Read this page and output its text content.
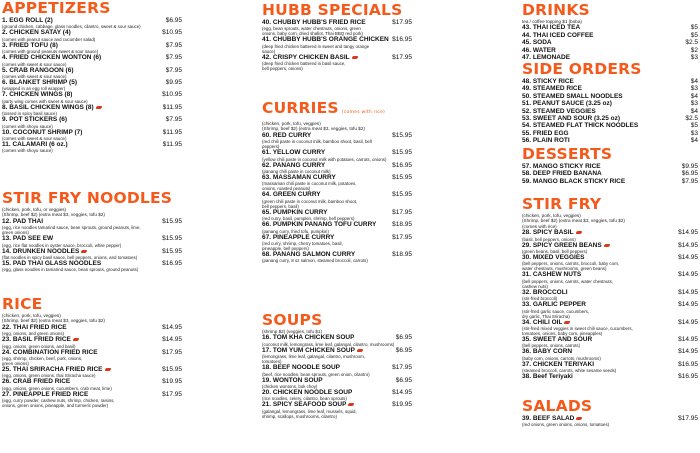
APPETIZERS
1. EGG ROLL (2)	$6.95
(ground chicken, cabbage, glass noodles, cilantro, sweet & sour sauce)
2. CHICKEN SATAY (4)	$10.95
(comes with peanut sauce and cucumber salad)
3. FRIED TOFU (8)	$7.95
(comes with ground peanuts sweet & sour sauce)
4. FRIED CHICKEN WONTON (6)	$7.95
(comes with sweet & sour sauce)
5. CRAB RANGOON (6)	$7.95
(comes with sweet & sour sauce)
6. BLANKET SHRIMP (5)	$9.95
(wrapped in an egg roll wrapper)
7. CHICKEN WINGS (8)	$10.95
(party wing comes with sweet & sour sauce)
8. BASIL CHICKEN WINGS (8)	$11.95
(tossed in spicy basil sauce)
9. POT STICKERS (6)	$7.95
(comes with shoyu sauce)
10. COCONUT SHRIMP (7)	$11.95
(comes with sweet & sour sauce)
11. CALAMARI (6 oz.)	$11.95
(comes with shoyu sauce)
STIR FRY NOODLES
(chicken, pork, tofu, or veggies)
(Shrimp, beef $2) (extra meat $3, veggies, tofu $2)
12. PAD THAI	$15.95
(egg, rice noodles tamarind sauce, bean sprouts, ground peanuts, lime,
green onions)
13. PAD SEE EW	$15.95
(egg, rice flat noodles in oyster sauce, broccoli, white pepper)
14. DRUNKEN NOODLES	$15.95
(flat noodles in spicy basil sauce, bell peppers, onions, and tomatoes)
15. PAD THAI GLASS NOODLES	$16.95
(egg, glass noodles in tamarind sauce, bean sprouts, ground peanuts)
RICE
(chicken, pork, tofu, veggies)
(Shrimp, beef $2) (extra meat $3, veggies, tofu $2)
22. THAI FRIED RICE	$14.95
(egg, onions, and green onions)
23. BASIL FRIED RICE	$14.95
(egg, onions, green onions, and basil)
24. COMBINATION FRIED RICE	$17.95
(egg, shrimp, chicken, beef, pork, onions,
green onions)
25. THAI SRIRACHA FRIED RICE	$15.95
(egg, onions, green onions, thai Sriracha sauce)
26. CRAB FRIED RICE	$19.95
(egg, onions, green onions, cucumbers, crab meat, lime)
27. PINEAPPLE FRIED RICE	$17.95
(egg, curry powder, cashew nuts, shrimp, chicken, raisins,
onions, green onions, pineapple, and turmeric powder)
HUBB SPECIALS
40. CHUBBY HUBB'S FRIED RICE	$17.95
(egg, bean sprouts, water chestnuts, onions, green
onions, baby corn, dried shallot, Thai BBQ red pork)
41. CHUBBY HUBB'S ORANGE CHICKEN $16.95
(deep fried chicken battered in sweet and tangy orange
sauce)
42. CRISPY CHICKEN BASIL	$17.95
(deep fried chicken battered in basil sauce,
bell peppers, onions)
CURRIES (comes with rice)
(chicken, pork, tofu, veggies)
(Shrimp, beef $2) (extra meat $3, veggies, tofu $2)
60. RED CURRY	$15.95
(red chili paste in coconut milk, bamboo shoot, basil, bell
peppers)
61. YELLOW CURRY	$15.95
(yellow chili paste in coconut milk with potatoes, carrots, onions)
62. PANANG CURRY	$16.95
(panang chili paste in coconut milk)
63. MASSAMAN CURRY	$15.95
(massaman chili paste in coconut milk, potatoes,
onions, roasted peanuts)
64. GREEN CURRY	$15.95
(green chili paste in coconut milk, bamboo shoot,
bell peppers, basil)
65. PUMPKIN CURRY	$17.95
(red curry, basil, pumpkin, shrimp, bell peppers)
66. PUMPKIN PANANG TOFU CURRY $18.95
(panang curry, fried tofu, pumpkin)
67. PINEAPPLE CURRY	$17.95
(red curry, shrimp, cherry tomatoes, basil,
pineapple, bell peppers)
68. PANANG SALMON CURRY	$18.95
(panang curry, 8 oz salmon, steamed broccoli, carrots)
SOUPS
(shrimp $2) (veggies, tofu $1)
16. TOM KHA CHICKEN SOUP	$6.95
(coconut milk, lemongrass, lime leaf, galangal, cilantro, mushrooms)
17. TOM YUM CHICKEN SOUP	$6.95
(lemongrass, lime leaf, galangal, cilantro, mushroom,
tomatoes)
18. BEEF NOODLE SOUP	$17.95
(beef, rice noodles, bean sprouts, green onion, cilantro)
19. WONTON SOUP	$6.95
(chicken wontons, bok choy)
20. CHICKEN NOODLE SOUP	$14.95
(rice noodles, celery, cilantro, bean sprouts)
21. SPICY SEAFOOD SOUP	$19.95
(galangal, lemongrass, lime leaf, mussels, squid,
shrimp, scallops, mushrooms, cilantro)
DRINKS
tea / coffee topping $1 (boba)
43. THAI ICED TEA	$5
44. THAI ICED COFFEE	$5
45. SODA	$2.5
46. WATER	$2
47. LEMONADE	$3
SIDE ORDERS
48. STICKY RICE	$4
49. STEAMED RICE	$3
50. STEAMED SMALL NOODLES	$4
51. PEANUT SAUCE (3.25 oz)	$3
52. STEAMED VEGGIES	$4
53. SWEET AND SOUR (3.25 oz)	$2.5
54. STEAMED FLAT THICK NOODLES	$5
55. FRIED EGG	$3
56. PLAIN ROTI	$4
DESSERTS
57. MANGO STICKY RICE	$9.95
58. DEEP FRIED BANANA	$6.95
59. MANGO BLACK STICKY RICE	$7.95
STIR FRY
(chicken, pork, tofu, veggies)
(Shrimp, beef $2) (extra meat $3, veggies, tofu $2)
(comes with rice)
28. SPICY BASIL	$14.95
(basil, bell peppers, onions)
29. SPICY GREEN BEANS	$14.95
(green beans, basil, bell peppers)
30. MIXED VEGGIES	$14.95
(bell peppers, onions, carrots, broccoli, baby corn,
water chestnuts, mushrooms, green beans)
31. CASHEW NUTS	$14.95
(bell peppers, onions, carrots, water chestnuts,
cashew nuts)
32. BROCCOLI	$14.95
(stir-fried broccoli)
33. GARLIC PEPPER	$14.95
(stir-fried garlic sauce, cucumbers,
dry garlic, Thai Sriracha)
34. CHILI OIL	$14.95
(stir-fried mixed veggies in sweet chili sauce, cucumbers,
tomatoes, onions, baby corn, pineapples)
35. SWEET AND SOUR	$14.95
(bell peppers, onions, carrots)
36. BABY CORN	$14.95
(baby corn, onions, carrots, mushrooms)
37. CHICKEN TERIYAKI	$16.95
(steamed broccoli, carrots, white sesame seeds)
38. Beef Teriyaki	$16.95
SALADS
39. BEEF SALAD	$17.95
(red onions, green onions, onions, tomatoes)
